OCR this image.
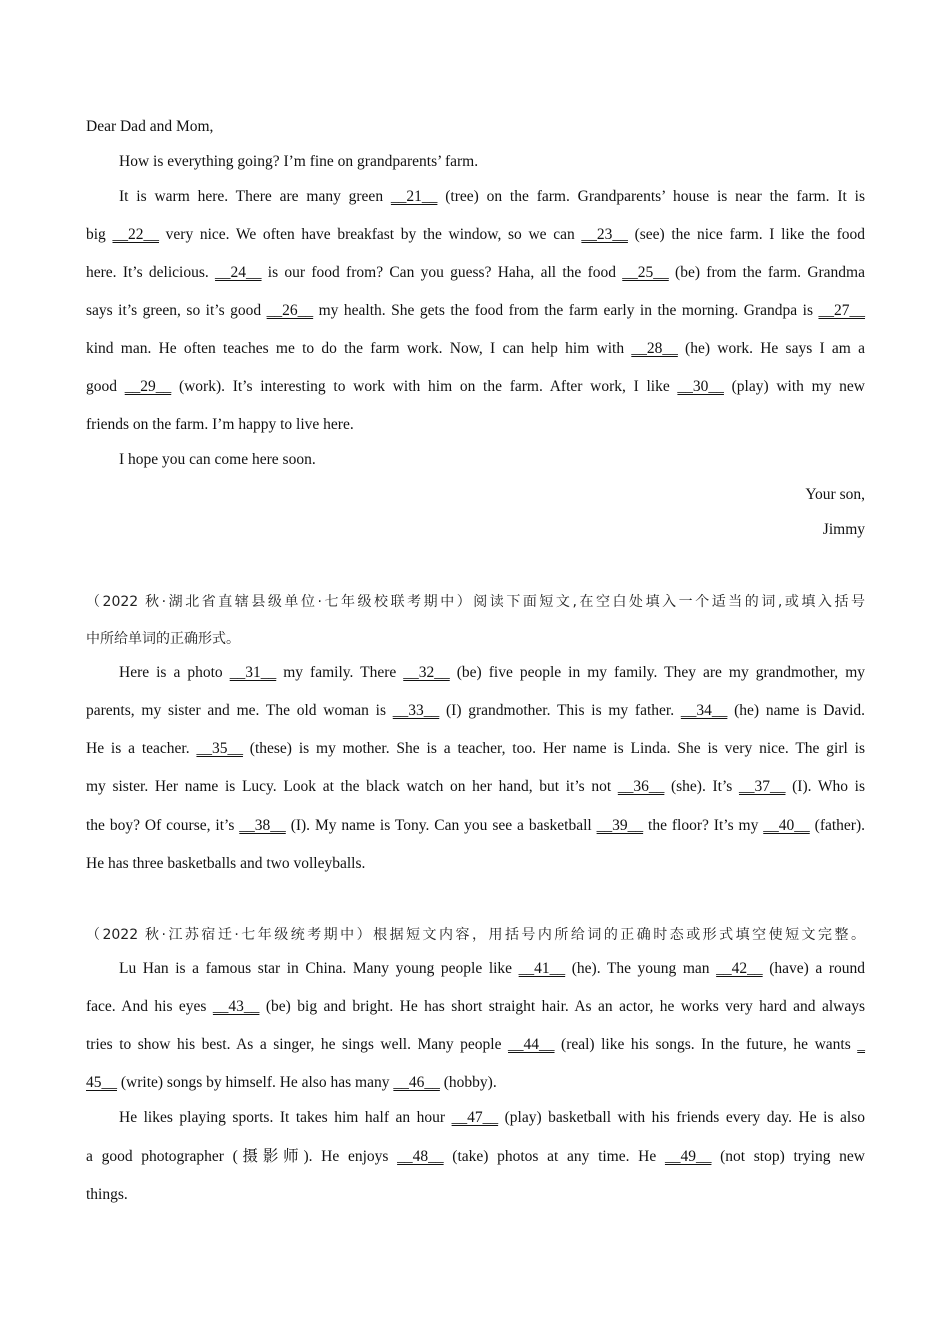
Dear Dad and Mom,
How is everything going? I’m fine on grandparents’ farm.
It is warm here. There are many green __21__ (tree) on the farm. Grandparents’ house is near the farm. It is
big __22__ very nice. We often have breakfast by the window, so we can __23__ (see) the nice farm. I like the food
here. It’s delicious. __24__ is our food from? Can you guess? Haha, all the food __25__ (be) from the farm. Grandma
says it’s green, so it’s good __26__ my health. She gets the food from the farm early in the morning. Grandpa is __27__
kind man. He often teaches me to do the farm work. Now, I can help him with __28__ (he) work. He says I am a
good __29__ (work). It’s interesting to work with him on the farm. After work, I like __30__ (play) with my new
friends on the farm. I’m happy to live here.
I hope you can come here soon.
Your son,
Jimmy
（2022 秋·湖北省直辖县级单位·七年级校联考期中）阅读下面短文,在空白处填入一个适当的词,或填入括号
中所给单词的正确形式。
Here is a photo __31__ my family. There __32__ (be) five people in my family. They are my grandmother, my
parents, my sister and me. The old woman is __33__ (I) grandmother. This is my father. __34__ (he) name is David.
He is a teacher. __35__ (these) is my mother. She is a teacher, too. Her name is Linda. She is very nice. The girl is
my sister. Her name is Lucy. Look at the black watch on her hand, but it’s not __36__ (she). It’s __37__ (I). Who is
the boy? Of course, it’s __38__ (I). My name is Tony. Can you see a basketball __39__ the floor? It’s my __40__ (father).
He has three basketballs and two volleyballs.
（2022 秋·江苏宿迁·七年级统考期中）根据短文内容，用括号内所给词的正确时态或形式填空使短文完整。
Lu Han is a famous star in China. Many young people like __41__ (he). The young man __42__ (have) a round
face. And his eyes __43__ (be) big and bright. He has short straight hair. As an actor, he works very hard and always
tries to show his best. As a singer, he sings well. Many people __44__ (real) like his songs. In the future, he wants _
45__ (write) songs by himself. He also has many __46__ (hobby).
He likes playing sports. It takes him half an hour __47__ (play) basketball with his friends every day. He is also
a good photographer (摄影师). He enjoys __48__ (take) photos at any time. He __49__ (not stop) trying new
things.
